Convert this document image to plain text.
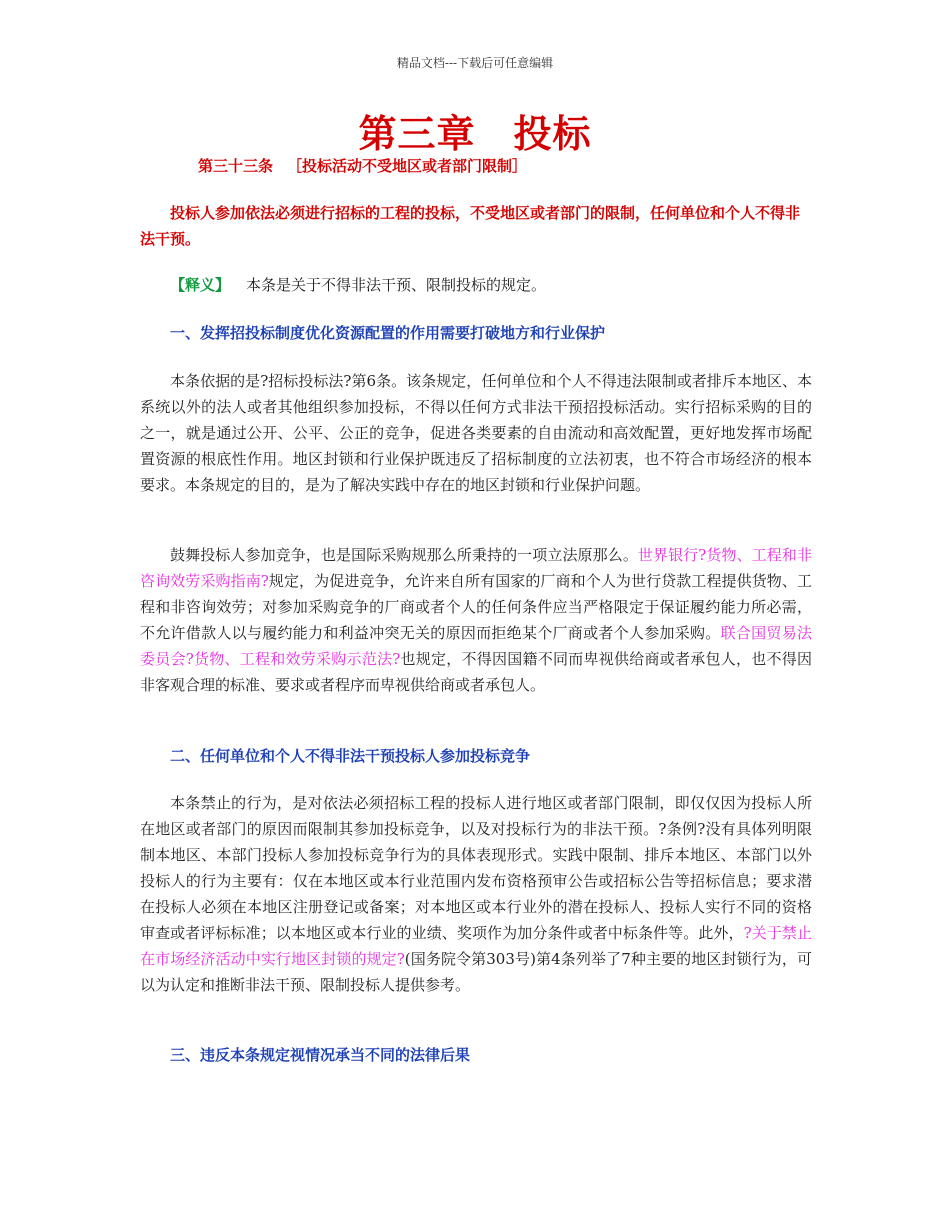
精品文档---下载后可任意编辑
第三章 投标
第三十三条 ［投标活动不受地区或者部门限制］
投标人参加依法必须进行招标的工程的投标，不受地区或者部门的限制，任何单位和个人不得非法干预。
【释义】 本条是关于不得非法干预、限制投标的规定。
一、发挥招投标制度优化资源配置的作用需要打破地方和行业保护
本条依据的是?招标投标法?第6条。该条规定，任何单位和个人不得违法限制或者排斥本地区、本系统以外的法人或者其他组织参加投标，不得以任何方式非法干预招投标活动。实行招标采购的目的之一，就是通过公开、公平、公正的竞争，促进各类要素的自由流动和高效配置，更好地发挥市场配置资源的根底性作用。地区封锁和行业保护既违反了招标制度的立法初衷，也不符合市场经济的根本要求。本条规定的目的，是为了解决实践中存在的地区封锁和行业保护问题。
鼓舞投标人参加竞争，也是国际采购规那么所秉持的一项立法原那么。世界银行?货物、工程和非咨询效劳采购指南?规定，为促进竞争，允许来自所有国家的厂商和个人为世行贷款工程提供货物、工程和非咨询效劳；对参加采购竞争的厂商或者个人的任何条件应当严格限定于保证履约能力所必需，不允许借款人以与履约能力和利益冲突无关的原因而拒绝某个厂商或者个人参加采购。联合国贸易法委员会?货物、工程和效劳采购示范法?也规定，不得因国籍不同而卑视供给商或者承包人，也不得因非客观合理的标准、要求或者程序而卑视供给商或者承包人。
二、任何单位和个人不得非法干预投标人参加投标竞争
本条禁止的行为，是对依法必须招标工程的投标人进行地区或者部门限制，即仅仅因为投标人所在地区或者部门的原因而限制其参加投标竞争，以及对投标行为的非法干预。?条例?没有具体列明限制本地区、本部门投标人参加投标竞争行为的具体表现形式。实践中限制、排斥本地区、本部门以外投标人的行为主要有：仅在本地区或本行业范围内发布资格预审公告或招标公告等招标信息；要求潜在投标人必须在本地区注册登记或备案；对本地区或本行业外的潜在投标人、投标人实行不同的资格审查或者评标标准；以本地区或本行业的业绩、奖项作为加分条件或者中标条件等。此外，?关于禁止在市场经济活动中实行地区封锁的规定?(国务院令第303号)第4条列举了7种主要的地区封锁行为，可以为认定和推断非法干预、限制投标人提供参考。
三、违反本条规定视情况承当不同的法律后果
